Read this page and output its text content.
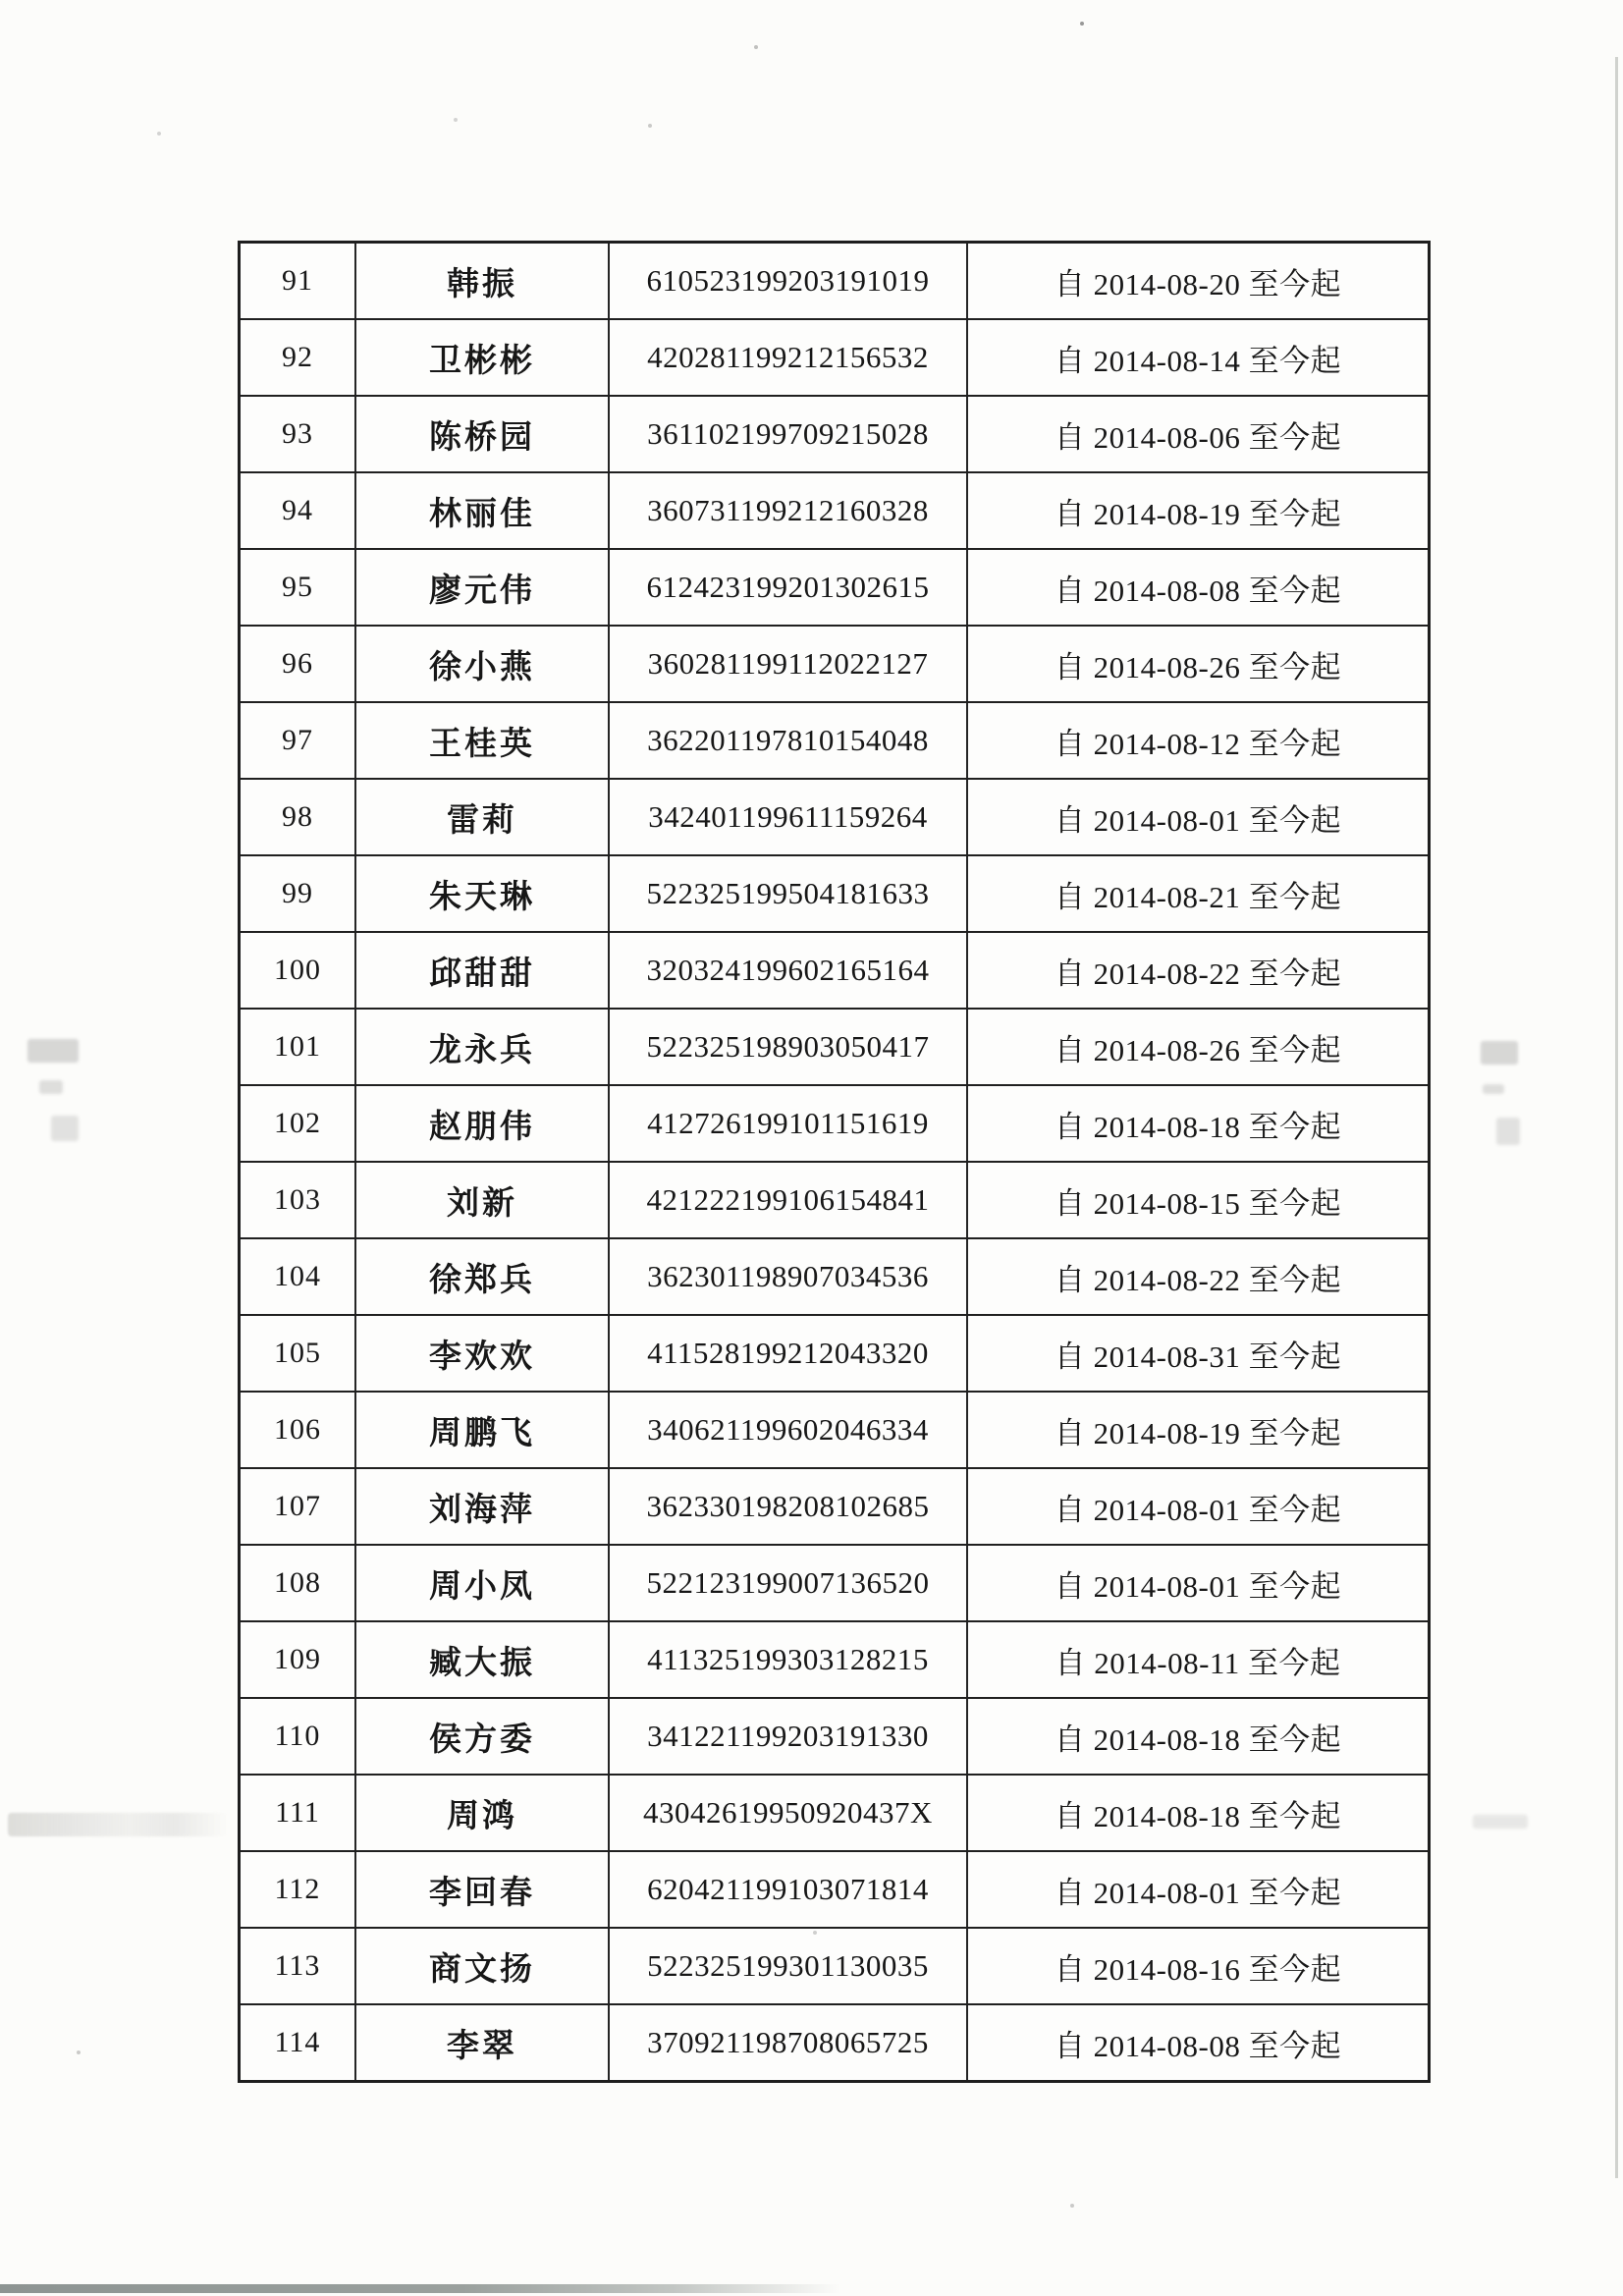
91	韩振	610523199203191019	自 2014-08-20 至今起
92	卫彬彬	420281199212156532	自 2014-08-14 至今起
93	陈桥园	361102199709215028	自 2014-08-06 至今起
94	林丽佳	360731199212160328	自 2014-08-19 至今起
95	廖元伟	612423199201302615	自 2014-08-08 至今起
96	徐小燕	360281199112022127	自 2014-08-26 至今起
97	王桂英	362201197810154048	自 2014-08-12 至今起
98	雷莉	342401199611159264	自 2014-08-01 至今起
99	朱天琳	522325199504181633	自 2014-08-21 至今起
100	邱甜甜	320324199602165164	自 2014-08-22 至今起
101	龙永兵	522325198903050417	自 2014-08-26 至今起
102	赵朋伟	412726199101151619	自 2014-08-18 至今起
103	刘新	421222199106154841	自 2014-08-15 至今起
104	徐郑兵	362301198907034536	自 2014-08-22 至今起
105	李欢欢	411528199212043320	自 2014-08-31 至今起
106	周鹏飞	340621199602046334	自 2014-08-19 至今起
107	刘海萍	362330198208102685	自 2014-08-01 至今起
108	周小凤	522123199007136520	自 2014-08-01 至今起
109	臧大振	411325199303128215	自 2014-08-11 至今起
110	侯方委	341221199203191330	自 2014-08-18 至今起
111	周鸿	43042619950920437X	自 2014-08-18 至今起
112	李回春	620421199103071814	自 2014-08-01 至今起
113	商文扬	522325199301130035	自 2014-08-16 至今起
114	李翠	370921198708065725	自 2014-08-08 至今起
